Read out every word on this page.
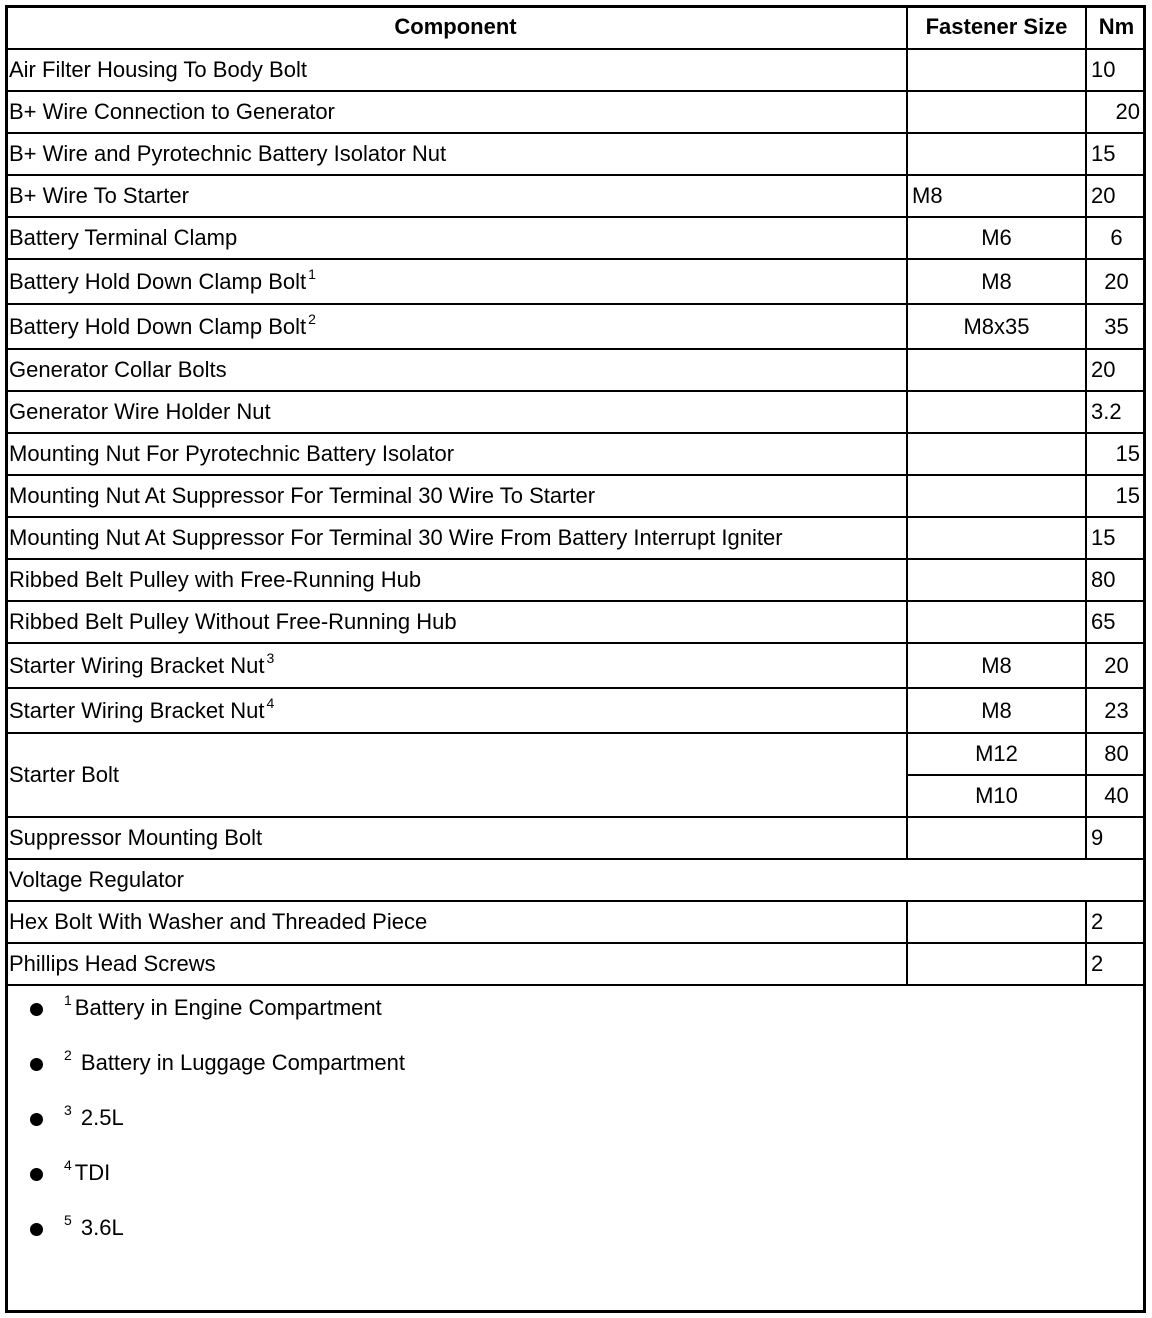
Component	Fastener Size	Nm
Air Filter Housing To Body Bolt		10
B+ Wire Connection to Generator		20
B+ Wire and Pyrotechnic Battery Isolator Nut		15
B+ Wire To Starter	M8	20
Battery Terminal Clamp	M6	6
Battery Hold Down Clamp Bolt $^1$	M8	20
Battery Hold Down Clamp Bolt $^2$	M8x35	35
Generator Collar Bolts		20
Generator Wire Holder Nut		3.2
Mounting Nut For Pyrotechnic Battery Isolator		15
Mounting Nut At Suppressor For Terminal 30 Wire To Starter		15
Mounting Nut At Suppressor For Terminal 30 Wire From Battery Interrupt Igniter		15
Ribbed Belt Pulley with Free-Running Hub		80
Ribbed Belt Pulley Without Free-Running Hub		65
Starter Wiring Bracket Nut $^3$	M8	20
Starter Wiring Bracket Nut $^4$	M8	23
Starter Bolt	M12	80
	M10	40
Suppressor Mounting Bolt		9
Voltage Regulator		
Hex Bolt With Washer and Threaded Piece		2
Phillips Head Screws		2
$^1$ Battery in Engine Compartment
$^2$ Battery in Luggage Compartment
$^3$ 2.5L
$^4$ TDI
$^5$ 3.6L
